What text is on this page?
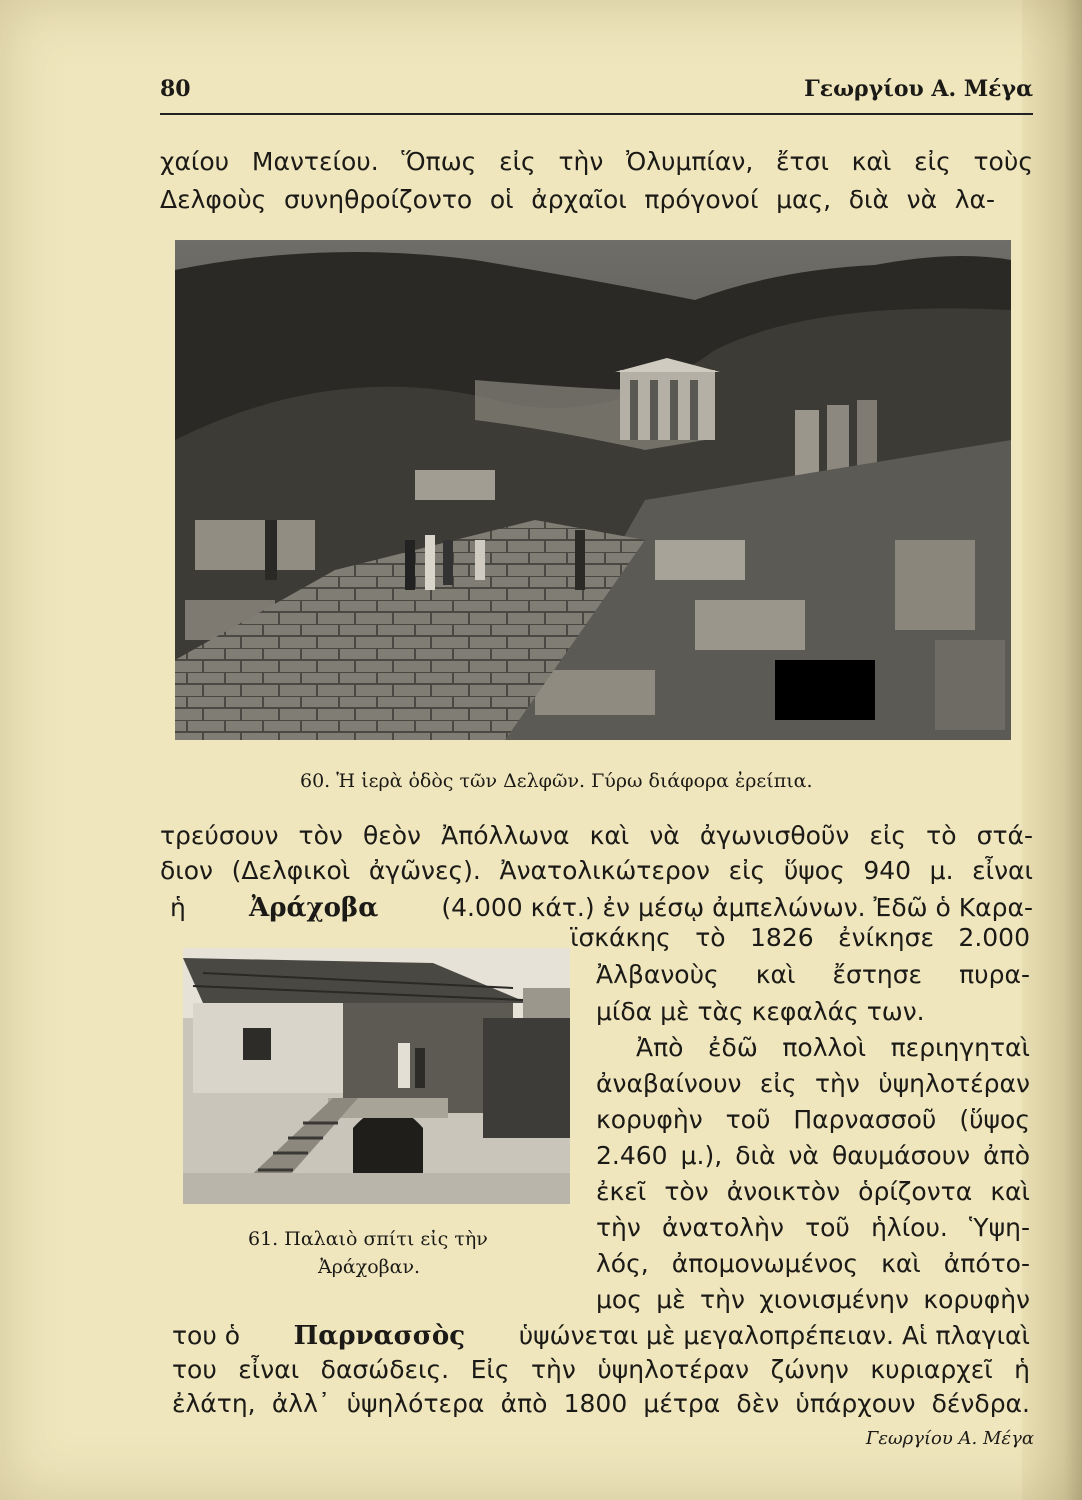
80	Γεωργίου Α. Μέγα
χαίου Μαντείου. Ὅπως εἰς τὴν Ὀλυμπίαν, ἔτσι καὶ εἰς τοὺς
Δελφοὺς συνηθροίζοντο οἱ ἀρχαῖοι πρόγονοί μας, διὰ νὰ λα-
60. Ἡ ἱερὰ ὁδὸς τῶν Δελφῶν. Γύρω διάφορα ἐρείπια.
τρεύσουν τὸν θεὸν Ἀπόλλωνα καὶ νὰ ἀγωνισθοῦν εἰς τὸ στά-
διον (Δελφικοὶ ἀγῶνες). Ἀνατολικώτερον εἰς ὕψος 940 μ. εἶναι
ἡ Ἀράχοβα	(4.000 κάτ.) ἐν μέσῳ ἀμπελώνων. Ἐδῶ ὁ Καρα-
61. Παλαιὸ σπίτι εἰς τὴν
Ἀράχοβαν.
ϊσκάκης τὸ 1826 ἐνίκησε 2.000
Ἀλβανοὺς καὶ ἔστησε πυρα-
μίδα μὲ τὰς κεφαλάς των.
Ἀπὸ ἐδῶ πολλοὶ περιηγηταὶ
ἀναβαίνουν εἰς τὴν ὑψηλοτέραν
κορυφὴν τοῦ Παρνασσοῦ (ὕψος
2.460 μ.), διὰ νὰ θαυμάσουν ἀπὸ
ἐκεῖ τὸν ἀνοικτὸν ὁρίζοντα καὶ
τὴν ἀνατολὴν τοῦ ἡλίου. Ὑψη-
λός, ἀπομονωμένος καὶ ἀπότο-
μος μὲ τὴν χιονισμένην κορυφὴν
του ὁ Παρνασσὸς ὑψώνεται μὲ μεγαλοπρέπειαν. Αἱ πλαγιαὶ
του εἶναι δασώδεις. Εἰς τὴν ὑψηλοτέραν ζώνην κυριαρχεῖ ἡ
ἐλάτη, ἀλλ᾽ ὑψηλότερα ἀπὸ 1800 μέτρα δὲν ὑπάρχουν δένδρα.
Γεωργίου Α. Μέγα
